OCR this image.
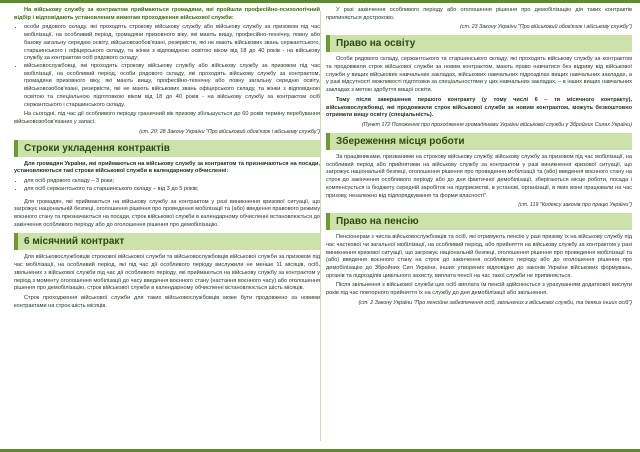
На військову службу за контрактом приймаються громадяни, які пройшли професійно-психологічний відбір і відповідають установленим вимогам проходження військової служби:

• особи рядового складу, які проходять строкову військову службу або військову службу за призовом під час мобілізації, на особливий період, громадяни призовного віку, які мають вищу, професійно-технічну, повну або базову загальну середню освіту, військовозобов'язані, резервісти, які не мають військових звань сержантського, старшинського і офіцерського складу, та жінки з відповідною освітою віком від 18 до 40 років - на військову службу за контрактом осіб рядового складу;
• військовослужбовці, які проходять строкову військову службу або військову службу за призовом під час мобілізації, на особливий період, особи рядового складу, які проходять військову службу за контрактом, громадяни призовного віку, які мають вищу, професійно-технічну або повну загальну середню освіту, військовозобов'язані, резервісти, які не мають військових звань офіцерського складу, та жінки з відповідною освітою та спеціальною підготовкою віком від 18 до 40 років - на військову службу за контрактом осіб сержантського і старшинського складу.

На сьогодні, під час дії особливого періоду граничний вік призову збільшується до 60 років терміну перебування військовозобов'язаних у запасі.

(ст. 20; 28 Закону України "Про військовий обов'язок і військову службу")
Строки укладення контрактів

Для громадян України, які приймаються на військову службу за контрактом та призначаються на посади, установлюються такі строки військової служби в календарному обчисленні:

• для осіб рядового складу – 3 роки;
• для осіб сержантського та старшинського складу – від 3 до 5 років;

Для громадян, які приймаються на військову службу за контрактом у разі виникнення кризової ситуації, що загрожує національній безпеці, оголошення рішення про проведення мобілізації та (або) введення правового режиму воєнного стану та призначаються на посади, строк військової служби в календарному обчисленні встановлюється до закінчення особливого періоду або до оголошення рішення про демобілізацію.

6 місячний контракт

Для військовослужбовців строкової військової служби та військовослужбовців військової служби за призовом під час мобілізації, на особливий період, які під час дії особливого періоду вислужили не менше 11 місяців, осіб, звільнених з військової служби під час дії особливого періоду, які приймаються на військову службу за контрактом у період з моменту оголошення мобілізації до часу введення воєнного стану (настання воєнного часу) або оголошення рішення про демобілізацію, строк військової служби в календарному обчисленні встановлюється шість місяців.

Строк проходження військової служби для таких військовослужбовців може бути продовжено за новими контрактами на строк шість місяців.

У разі закінчення особливого періоду або оголошення рішення про демобілізацію дія таких контрактів припиняється достроково.

(ст. 23 Закону України "Про військовий обов'язок і військову службу")
Право на освіту

Особи рядового складу, сержантського та старшинського складу, які проходять військову службу за контрактом та продовжили строк військової служби за новим контрактом, мають право навчатися без відриву від військової служби у вищих військових навчальних закладах, військових навчальних підрозділах вищих навчальних закладах, а у разі відсутності можливості підготовки за спеціальностями у цих навчальних закладах, – в інших вищих навчальних закладах з метою здобуття вищої освіти.

Тому після завершення першого контракту (у тому числі 6 – ти місячного контракту), військовослужбовці, які продовжили строк військової служби за новим контрактом, можуть безкоштовно отримати вищу освіту (спеціальність).

(Пункт 172 Положення про проходження громадянами України військової служби у Збройних Силах України)
Збереження місця роботи

За працівниками, призваними на строкову військову службу, військову службу за призовом під час мобілізації, на особливий період або прийнятими на військову службу за контрактом у разі виникнення кризової ситуації, що загрожує національній безпеці, оголошення рішення про проведення мобілізації та (або) введення воєнного стану на строк до закінчення особливого періоду або до дня фактичної демобілізації, зберігаються місце роботи, посада і компенсується із бюджету середній заробіток на підприємстві, в установі, організації, в яких вони працювали на час призову, незалежно від підпорядкування та форми власності".

(ст. 119 "Кодексу законів про працю України")
Право на пенсію

Пенсіонерам з числа військовослужбовців та осіб, які отримують пенсію у разі призову їх на військову службу під час часткової чи загальної мобілізації, на особливий період, або прийняття на військову службу за контрактом у разі виникнення кризової ситуації, що загрожує національній безпеці, оголошення рішення про проведення мобілізації та (або) введення воєнного стану на строк до закінчення особливого періоду або до оголошення рішення про демобілізацію до Збройних Сил України, інших утворених відповідно до законів України військових формувань, органів та підрозділів цивільного захисту, виплата пенсії на час такої служби не припиняється.

Після звільнення з військової служби цих осіб виплата їм пенсій здійснюється з урахуванням додаткової вислуги років під час повторного прийняття їх на службу до дня демобілізації або звільнення.

(ст. 2 Закону України "Про пенсійне забезпечення осіб, звільнених з військової служби, та деяких інших осіб")
